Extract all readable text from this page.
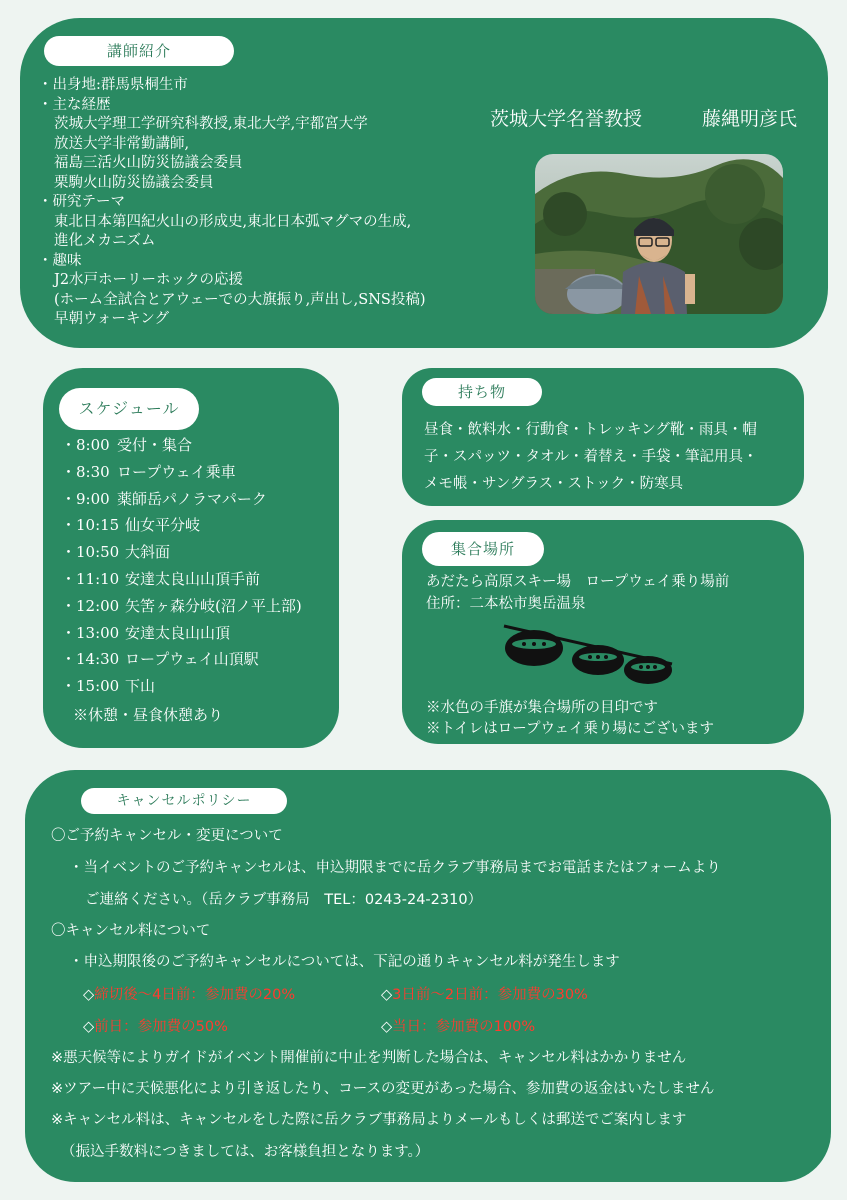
講師紹介
・出身地:群馬県桐生市
・主な経歴
茨城大学理工学研究科教授,東北大学,宇都宮大学
放送大学非常勤講師,
福島三活火山防災協議会委員
栗駒火山防災協議会委員
・研究テーマ
東北日本第四紀火山の形成史,東北日本弧マグマの生成,
進化メカニズム
・趣味
J2水戸ホーリーホックの応援
(ホーム全試合とアウェーでの大旗振り,声出し,SNS投稿)
早朝ウォーキング
茨城大学名誉教授	藤縄明彦氏
スケジュール
・8:00 受付・集合
・8:30 ロープウェイ乗車
・9:00 薬師岳パノラマパーク
・10:15 仙女平分岐
・10:50 大斜面
・11:10 安達太良山山頂手前
・12:00 矢筈ヶ森分岐(沼ノ平上部)
・13:00 安達太良山山頂
・14:30 ロープウェイ山頂駅
・15:00 下山
※休憩・昼食休憩あり
持ち物
昼食・飲料水・行動食・トレッキング靴・雨具・帽
子・スパッツ・タオル・着替え・手袋・筆記用具・
メモ帳・サングラス・ストック・防寒具
集合場所
あだたら高原スキー場　ロープウェイ乗り場前
住所：二本松市奥岳温泉
※水色の手旗が集合場所の目印です
※トイレはロープウェイ乗り場にございます
キャンセルポリシー
〇ご予約キャンセル・変更について
・当イベントのご予約キャンセルは、申込期限までに岳クラブ事務局までお電話またはフォームより
ご連絡ください。（岳クラブ事務局　TEL：0243-24-2310）
〇キャンセル料について
・申込期限後のご予約キャンセルについては、下記の通りキャンセル料が発生します
◇締切後～4日前：参加費の20%	◇3日前～2日前：参加費の30%
◇前日：参加費の50%	◇当日：参加費の100%
※悪天候等によりガイドがイベント開催前に中止を判断した場合は、キャンセル料はかかりません
※ツアー中に天候悪化により引き返したり、コースの変更があった場合、参加費の返金はいたしません
※キャンセル料は、キャンセルをした際に岳クラブ事務局よりメールもしくは郵送でご案内します
（振込手数料につきましては、お客様負担となります。）
